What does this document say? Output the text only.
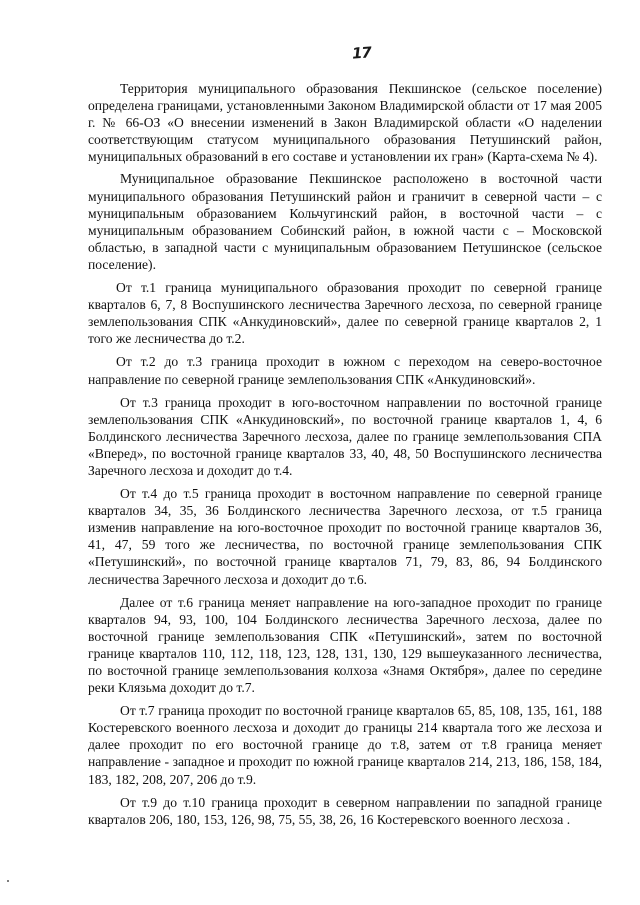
17

Территория муниципального образования Пекшинское (сельское поселение) определена границами, установленными Законом Владимирской области от 17 мая 2005 г. № 66-ОЗ «О внесении изменений в Закон Владимирской области «О наделении соответствующим статусом муниципального образования Петушинский район, муниципальных образований в его составе и установлении их гран» (Карта-схема № 4).

Муниципальное образование Пекшинское расположено в восточной части муниципального образования Петушинский район и граничит в северной части – с муниципальным образованием Кольчугинский район, в восточной части – с муниципальным образованием Собинский район, в южной части с – Московской областью, в западной части с муниципальным образованием Петушинское (сельское поселение).

От т.1 граница муниципального образования проходит по северной границе кварталов 6, 7, 8 Воспушинского лесничества Заречного лесхоза, по северной границе землепользования СПК «Анкудиновский», далее по северной границе кварталов 2, 1 того же лесничества до т.2.

От т.2 до т.3 граница проходит в южном с переходом на северо-восточное направление по северной границе землепользования СПК «Анкудиновский».

От т.3 граница проходит в юго-восточном направлении по восточной границе землепользования СПК «Анкудиновский», по восточной границе кварталов 1, 4, 6 Болдинского лесничества Заречного лесхоза, далее по границе землепользования СПА «Вперед», по восточной границе кварталов 33, 40, 48, 50 Воспушинского лесничества Заречного лесхоза и доходит до т.4.

От т.4 до т.5 граница проходит в восточном направление по северной границе кварталов 34, 35, 36 Болдинского лесничества Заречного лесхоза, от т.5 граница изменив направление на юго-восточное проходит по восточной границе кварталов 36, 41, 47, 59 того же лесничества, по восточной границе землепользования СПК «Петушинский», по восточной границе кварталов 71, 79, 83, 86, 94 Болдинского лесничества Заречного лесхоза и доходит до т.6.

Далее от т.6 граница меняет направление на юго-западное проходит по границе кварталов 94, 93, 100, 104 Болдинского лесничества Заречного лесхоза, далее по восточной границе землепользования СПК «Петушинский», затем по восточной границе кварталов 110, 112, 118, 123, 128, 131, 130, 129 вышеуказанного лесничества, по восточной границе землепользования колхоза «Знамя Октября», далее по середине реки Клязьма доходит до т.7.

От т.7 граница проходит по восточной границе кварталов 65, 85, 108, 135, 161, 188 Костеревского военного лесхоза и доходит до границы 214 квартала того же лесхоза и далее проходит по его восточной границе до т.8, затем от т.8 граница меняет направление - западное и проходит по южной границе кварталов 214, 213, 186, 158, 184, 183, 182, 208, 207, 206 до т.9.

От т.9 до т.10 граница проходит в северном направлении по западной границе кварталов 206, 180, 153, 126, 98, 75, 55, 38, 26, 16 Костеревского военного лесхоза .
